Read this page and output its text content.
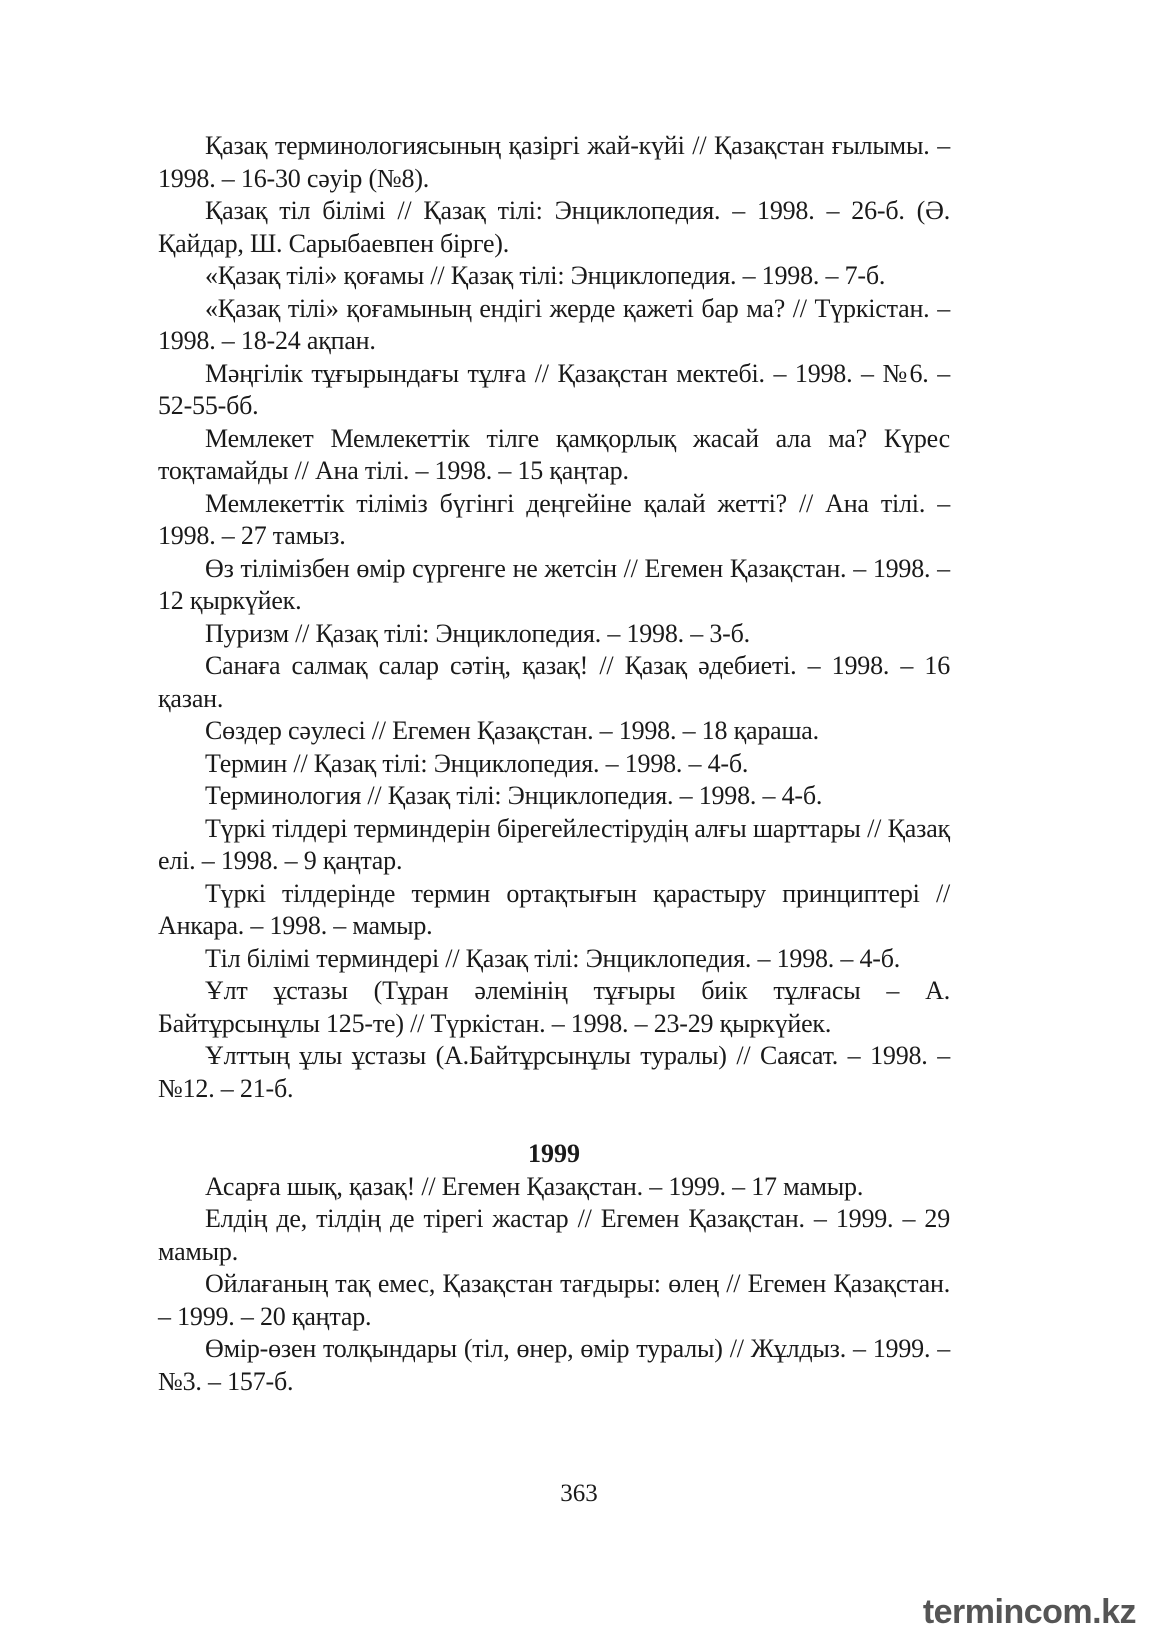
Қазақ терминологиясының қазіргі жай-күйі // Қазақстан ғылымы. – 1998. – 16-30 сәуір (№8).

Қазақ тіл білімі // Қазақ тілі: Энциклопедия. – 1998. – 26-б. (Ә. Қайдар, Ш. Сарыбаевпен бірге).

«Қазақ тілі» қоғамы // Қазақ тілі: Энциклопедия. – 1998. – 7-б.

«Қазақ тілі» қоғамының ендігі жерде қажеті бар ма? // Түркістан. – 1998. – 18-24 ақпан.

Мәңгілік тұғырындағы тұлға // Қазақстан мектебі. – 1998. – №6. – 52-55-бб.

Мемлекет Мемлекеттік тілге қамқорлық жасай ала ма? Күрес тоқтамайды // Ана тілі. – 1998. – 15 қаңтар.

Мемлекеттік тіліміз бүгінгі деңгейіне қалай жетті? // Ана тілі. – 1998. – 27 тамыз.

Өз тілімізбен өмір сүргенге не жетсін // Егемен Қазақстан. – 1998. – 12 қыркүйек.

Пуризм // Қазақ тілі: Энциклопедия. – 1998. – 3-б.

Санаға салмақ салар сәтің, қазақ! // Қазақ әдебиеті. – 1998. – 16 қазан.

Сөздер сәулесі // Егемен Қазақстан. – 1998. – 18 қараша.

Термин // Қазақ тілі: Энциклопедия. – 1998. – 4-б.

Терминология // Қазақ тілі: Энциклопедия. – 1998. – 4-б.

Түркі тілдері терминдерін бірегейлестірудің алғы шарттары // Қазақ елі. – 1998. – 9 қаңтар.

Түркі тілдерінде термин ортақтығын қарастыру принциптері // Анкара. – 1998. – мамыр.

Тіл білімі терминдері // Қазақ тілі: Энциклопедия. – 1998. – 4-б.

Ұлт ұстазы (Тұран әлемінің тұғыры биік тұлғасы – А. Байтұрсынұлы 125-те) // Түркістан. – 1998. – 23-29 қыркүйек.

Ұлттың ұлы ұстазы (А.Байтұрсынұлы туралы) // Саясат. – 1998. – №12. – 21-б.

1999

Асарға шық, қазақ! // Егемен Қазақстан. – 1999. – 17 мамыр.

Елдің де, тілдің де тірегі жастар // Егемен Қазақстан. – 1999. – 29 мамыр.

Ойлағаның тақ емес, Қазақстан тағдыры: өлең // Егемен Қазақстан. – 1999. – 20 қаңтар.

Өмір-өзен толқындары (тіл, өнер, өмір туралы) // Жұлдыз. – 1999. – №3. – 157-б.

363
termincom.kz
